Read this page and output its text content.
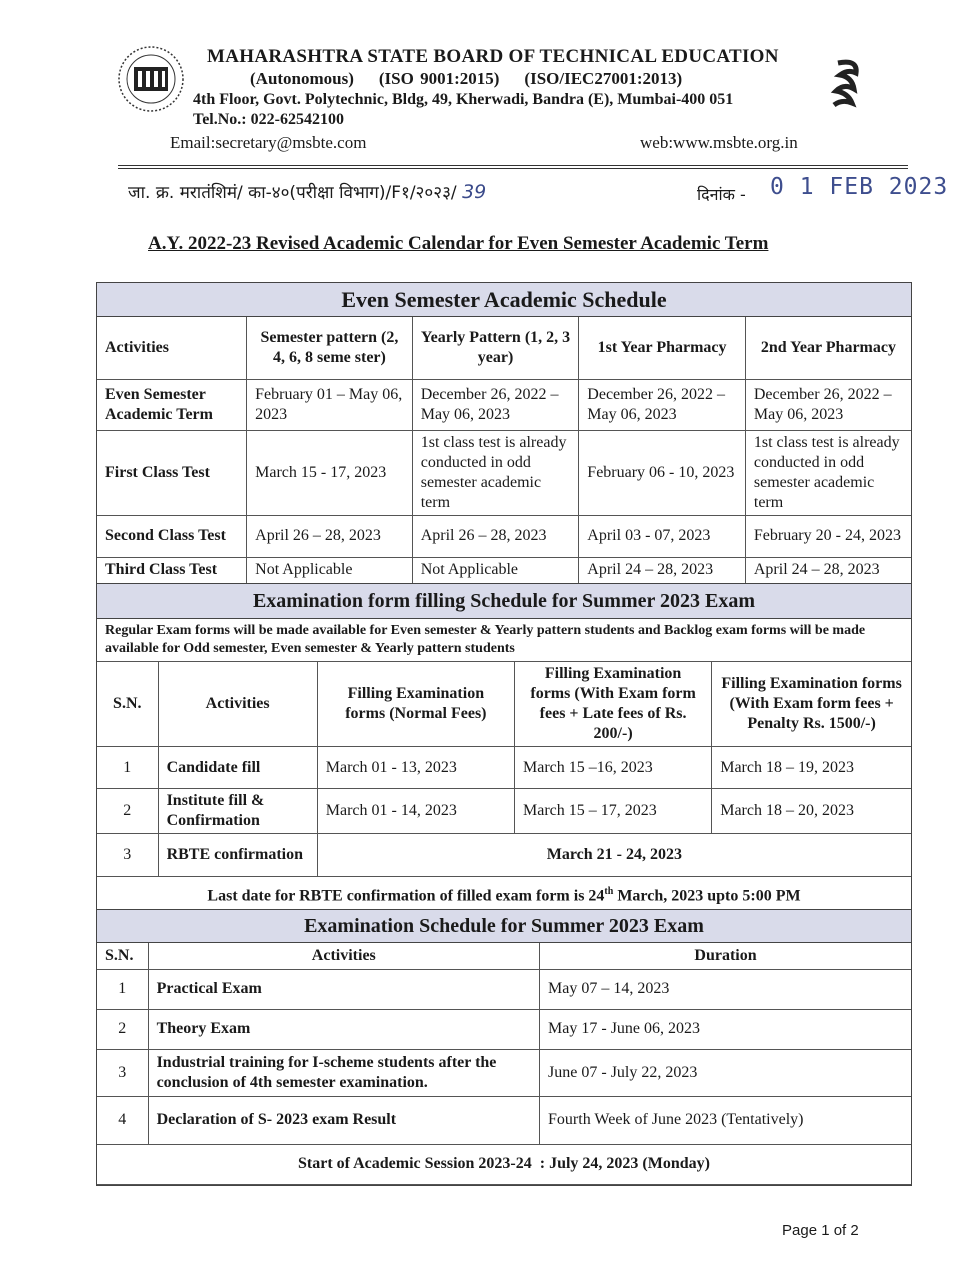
MAHARASHTRA STATE BOARD OF TECHNICAL EDUCATION
(Autonomous)    (ISO 9001:2015)    (ISO/IEC27001:2013)
4th Floor, Govt. Polytechnic, Bldg, 49, Kherwadi, Bandra (E), Mumbai-400 051
Tel.No.: 022-62542100
Email:secretary@msbte.com	web:www.msbte.org.in
जा. क्र. मरातंशिमं/ का-४०(परीक्षा विभाग)/F१/२०२३/ 39	दिनांक - 0 1 FEB 2023
A.Y. 2022-23 Revised Academic Calendar for Even Semester Academic Term
Even Semester Academic Schedule
Activities	Semester pattern (2, 4, 6, 8 seme ster)	Yearly Pattern (1, 2, 3 year)	1st Year Pharmacy	2nd Year Pharmacy
Even Semester Academic Term	February 01 – May 06, 2023	December 26, 2022 – May 06, 2023	December 26, 2022 – May 06, 2023	December 26, 2022 – May 06, 2023
First Class Test	March 15 - 17, 2023	1st class test is already conducted in odd semester academic term	February 06 - 10, 2023	1st class test is already conducted in odd semester academic term
Second Class Test	April 26 – 28, 2023	April 26 – 28, 2023	April 03 - 07, 2023	February 20 - 24, 2023
Third Class Test	Not Applicable	Not Applicable	April 24 – 28, 2023	April 24 – 28, 2023
Examination form filling Schedule for Summer 2023 Exam
Regular Exam forms will be made available for Even semester & Yearly pattern students and Backlog exam forms will be made available for Odd semester, Even semester & Yearly pattern students
S.N.	Activities	Filling Examination forms (Normal Fees)	Filling Examination forms (With Exam form fees + Late fees of Rs. 200/-)	Filling Examination forms (With Exam form fees + Penalty Rs. 1500/-)
1	Candidate fill	March 01 - 13, 2023	March 15 –16, 2023	March 18 – 19, 2023
2	Institute fill & Confirmation	March 01 - 14, 2023	March 15 – 17, 2023	March 18 – 20, 2023
3	RBTE confirmation	March 21 - 24, 2023		
Last date for RBTE confirmation of filled exam form is 24th March, 2023 upto 5:00 PM				
Examination Schedule for Summer 2023 Exam
S.N.	Activities	Duration
1	Practical Exam	May 07 – 14, 2023
2	Theory Exam	May 17 - June 06, 2023
3	Industrial training for I-scheme students after the conclusion of 4th semester examination.	June 07 - July 22, 2023
4	Declaration of S- 2023 exam Result	Fourth Week of June 2023 (Tentatively)
Start of Academic Session 2023-24  : July 24, 2023 (Monday)		
Page 1 of 2
